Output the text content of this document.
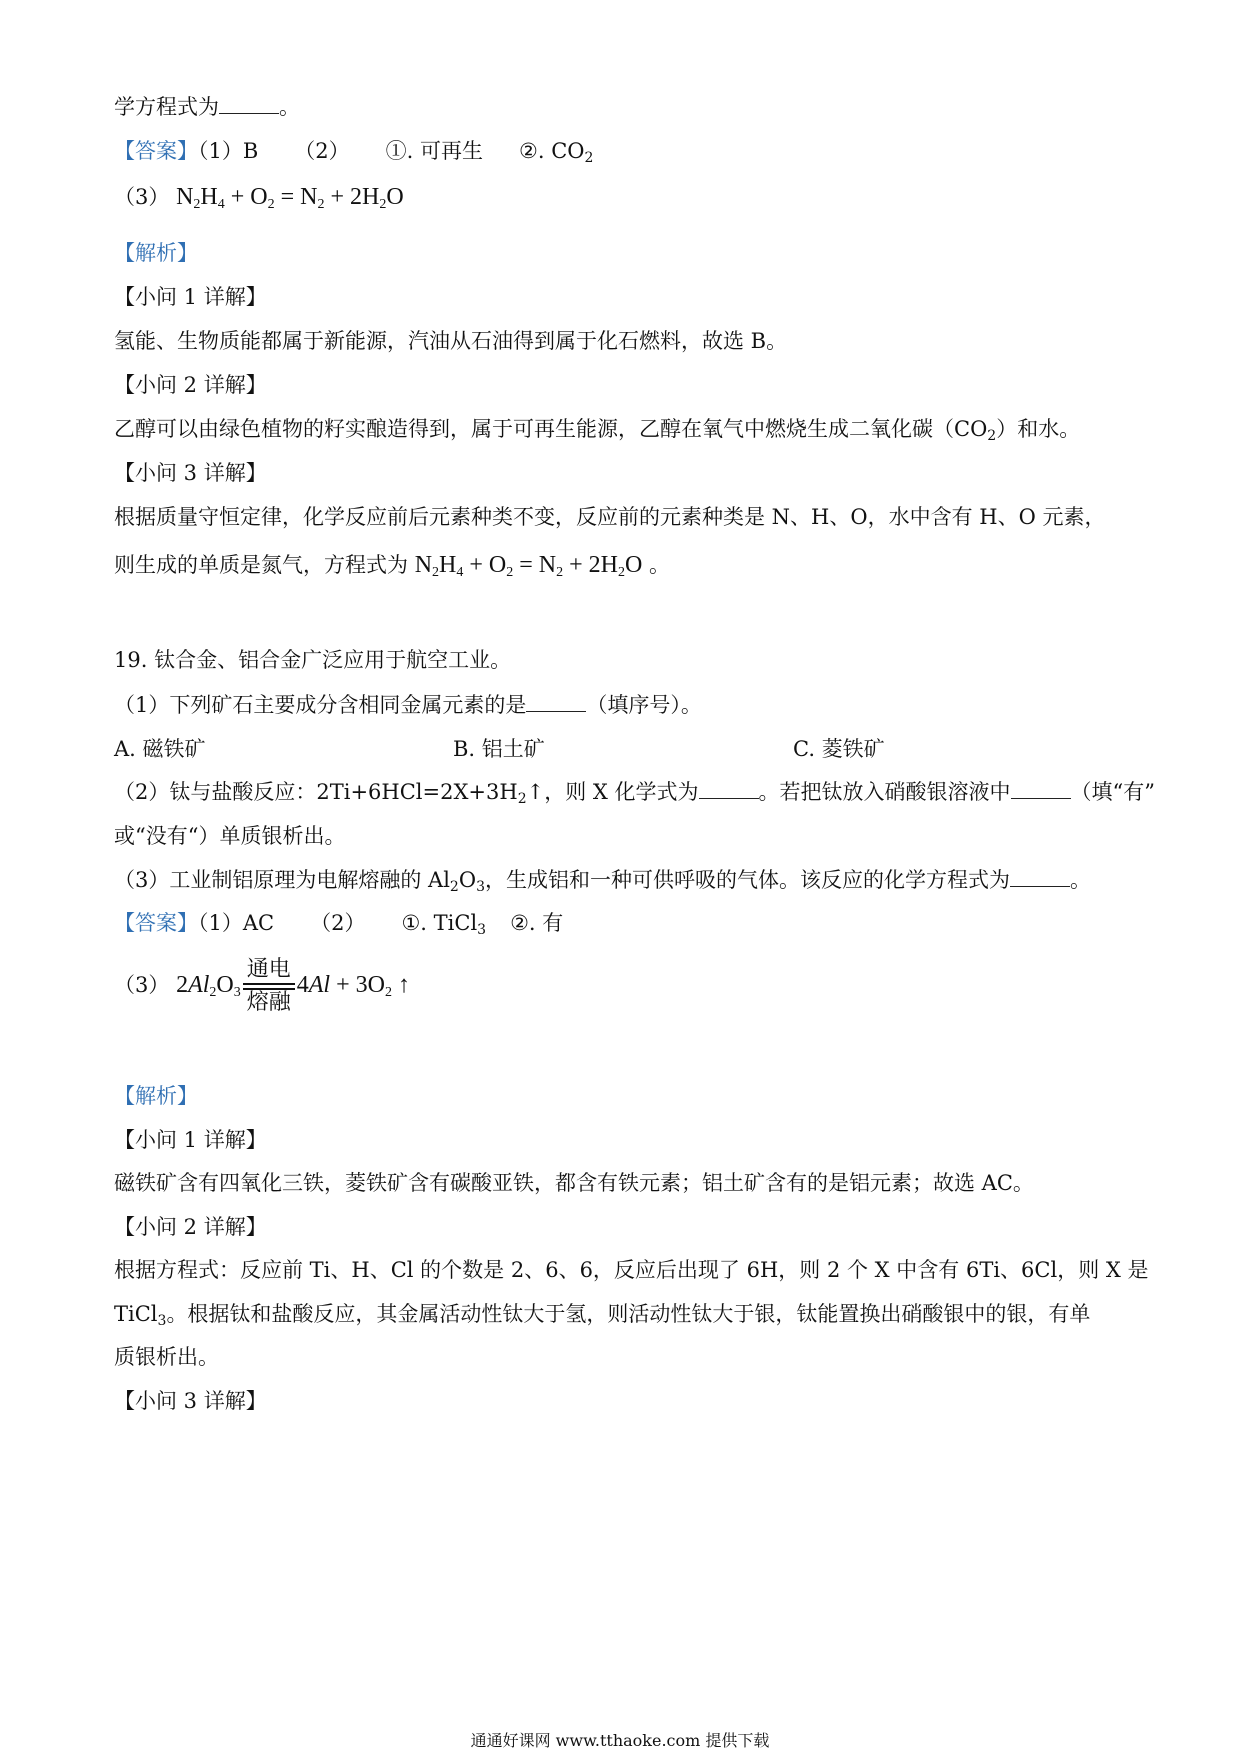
学方程式为	。
【答案】（1）B （2） ①. 可再生 ②. $CO_2$
（3） $N_2H_4 + O_2 = N_2 + 2H_2O$
【解析】
【小问 1 详解】
氢能、生物质能都属于新能源，汽油从石油得到属于化石燃料，故选 B。
【小问 2 详解】
乙醇可以由绿色植物的籽实酿造得到，属于可再生能源，乙醇在氧气中燃烧生成二氧化碳$(CO_2)$和水。
【小问 3 详解】
根据质量守恒定律，化学反应前后元素种类不变，反应前的元素种类是 N、H、O，水中含有 H、O 元素，
则生成的单质是氮气，方程式为 $N_2H_4 + O_2 = N_2 + 2H_2O$ 。
19. 钛合金、铝合金广泛应用于航空工业。
（1）下列矿石主要成分含相同金属元素的是	（填序号）。
A. 磁铁矿	B. 铝土矿	C. 菱铁矿
（2）钛与盐酸反应：$2Ti+6HCl=2X+3H_2↑$，则 X 化学式为	。若把钛放入硝酸银溶液中	（填“有”
或“没有“）单质银析出。
（3）工业制铝原理为电解熔融的 $Al_2O_3$，生成铝和一种可供呼吸的气体。该反应的化学方程式为	。
【答案】（1）AC （2） ①. TiCl$_3$ ②. 有
（3） $2Al_2O_3$
通电
熔融
$4Al + 3O_2$ ↑
【解析】
【小问 1 详解】
磁铁矿含有四氧化三铁，菱铁矿含有碳酸亚铁，都含有铁元素；铝土矿含有的是铝元素；故选 AC。
【小问 2 详解】
根据方程式：反应前 Ti、H、Cl 的个数是 2、6、6，反应后出现了 6H，则 2 个 X 中含有 6Ti、6Cl，则 X 是
TiCl$_3$。根据钛和盐酸反应，其金属活动性钛大于氢，则活动性钛大于银，钛能置换出硝酸银中的银，有单
质银析出。
【小问 3 详解】
通通好课网 www.tthaoke.com 提供下载
